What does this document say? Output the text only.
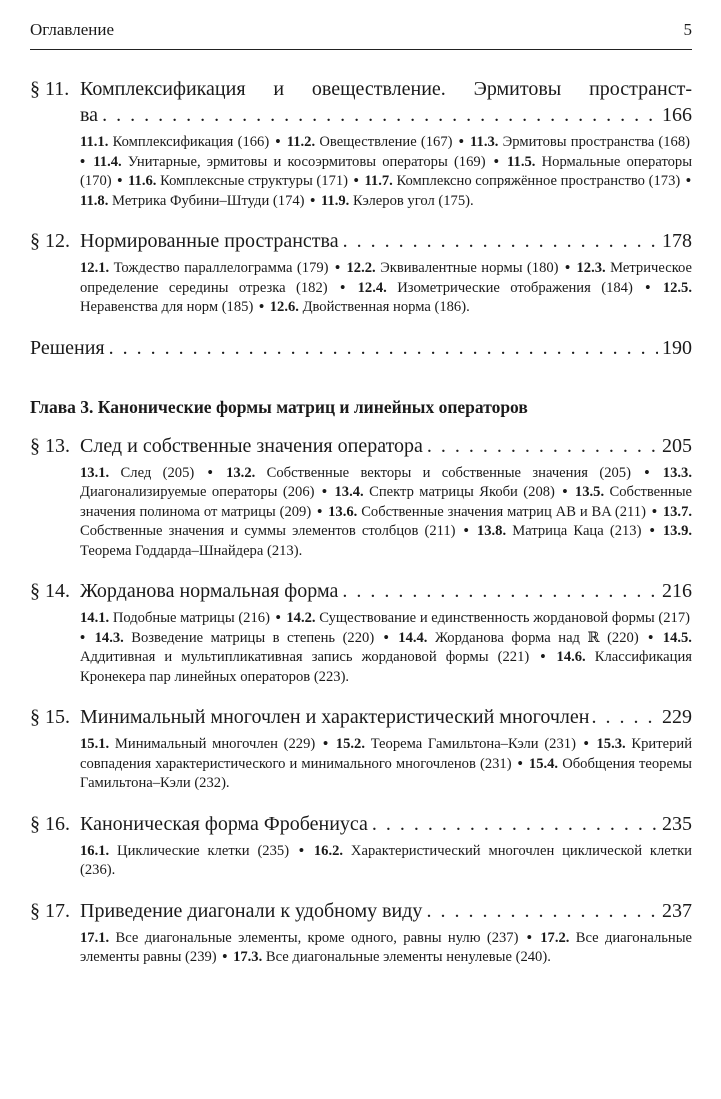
Оглавление	5
§ 11. Комплексификация и овеществление. Эрмитовы пространст-
ва . . .	166
11.1. Комплексификация (166) • 11.2. Овеществление (167) • 11.3. Эрмитовы пространства (168) • 11.4. Унитарные, эрмитовы и косоэрмитовы операторы (169) • 11.5. Нормальные операторы (170) • 11.6. Комплексные структуры (171) • 11.7. Комплексно сопряжённое пространство (173) • 11.8. Метрика Фубини–Штуди (174) • 11.9. Кэлеров угол (175).
§ 12. Нормированные пространства . . .	178
12.1. Тождество параллелограмма (179) • 12.2. Эквивалентные нормы (180) • 12.3. Метрическое определение середины отрезка (182) • 12.4. Изометрические отображения (184) • 12.5. Неравенства для норм (185) • 12.6. Двойственная норма (186).
Решения . . .	190
Глава 3. Канонические формы матриц и линейных операторов
§ 13. След и собственные значения оператора . . .	205
13.1. След (205) • 13.2. Собственные векторы и собственные значения (205) • 13.3. Диагонализируемые операторы (206) • 13.4. Спектр матрицы Якоби (208) • 13.5. Собственные значения полинома от матрицы (209) • 13.6. Собственные значения матриц AB и BA (211) • 13.7. Собственные значения и суммы элементов столбцов (211) • 13.8. Матрица Каца (213) • 13.9. Теорема Годдарда–Шнайдера (213).
§ 14. Жорданова нормальная форма . . .	216
14.1. Подобные матрицы (216) • 14.2. Существование и единственность жордановой формы (217) • 14.3. Возведение матрицы в степень (220) • 14.4. Жорданова форма над ℝ (220) • 14.5. Аддитивная и мультипликативная запись жордановой формы (221) • 14.6. Классификация Кронекера пар линейных операторов (223).
§ 15. Минимальный многочлен и характеристический многочлен . . .	229
15.1. Минимальный многочлен (229) • 15.2. Теорема Гамильтона–Кэли (231) • 15.3. Критерий совпадения характеристического и минимального многочленов (231) • 15.4. Обобщения теоремы Гамильтона–Кэли (232).
§ 16. Каноническая форма Фробениуса . . .	235
16.1. Циклические клетки (235) • 16.2. Характеристический многочлен циклической клетки (236).
§ 17. Приведение диагонали к удобному виду . . .	237
17.1. Все диагональные элементы, кроме одного, равны нулю (237) • 17.2. Все диагональные элементы равны (239) • 17.3. Все диагональные элементы ненулевые (240).
